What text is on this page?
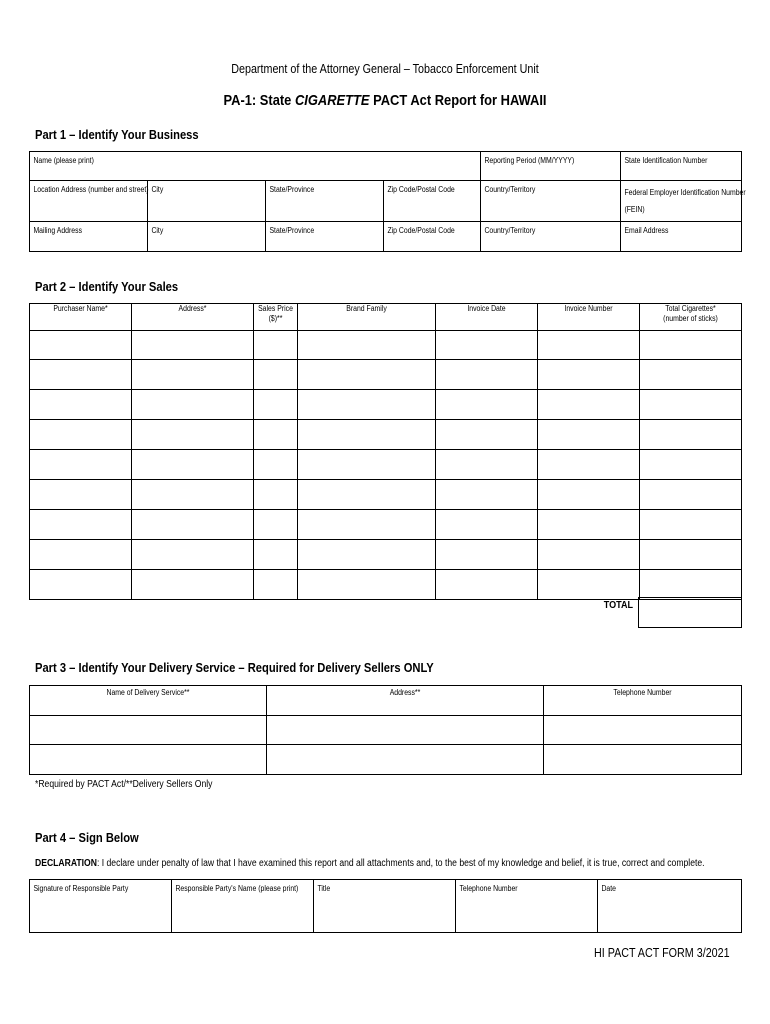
Department of the Attorney General – Tobacco Enforcement Unit
PA-1: State CIGARETTE PACT Act Report for HAWAII
Part 1 – Identify Your Business
Name (please print)				Reporting Period (MM/YYYY)	State Identification Number

Location Address (number and street)	City	State/Province	Zip Code/Postal Code	Country/Territory	Federal Employer Identification Number
(FEIN)

Mailing Address	City	State/Province	Zip Code/Postal Code	Country/Territory	Email Address
Part 2 – Identify Your Sales
Purchaser Name*	Address*	Sales Price
($)**	Brand Family	Invoice Date	Invoice Number	Total Cigarettes*
(number of sticks)

TOTAL
Part 3 – Identify Your Delivery Service – Required for Delivery Sellers ONLY
Name of Delivery Service**	Address**	Telephone Number

*Required by PACT Act/**Delivery Sellers Only
Part 4 – Sign Below
DECLARATION: I declare under penalty of law that I have examined this report and all attachments and, to the best of my knowledge and belief, it is true, correct and complete.
Signature of Responsible Party	Responsible Party's Name (please print)	Title	Telephone Number	Date
HI PACT ACT FORM 3/2021
